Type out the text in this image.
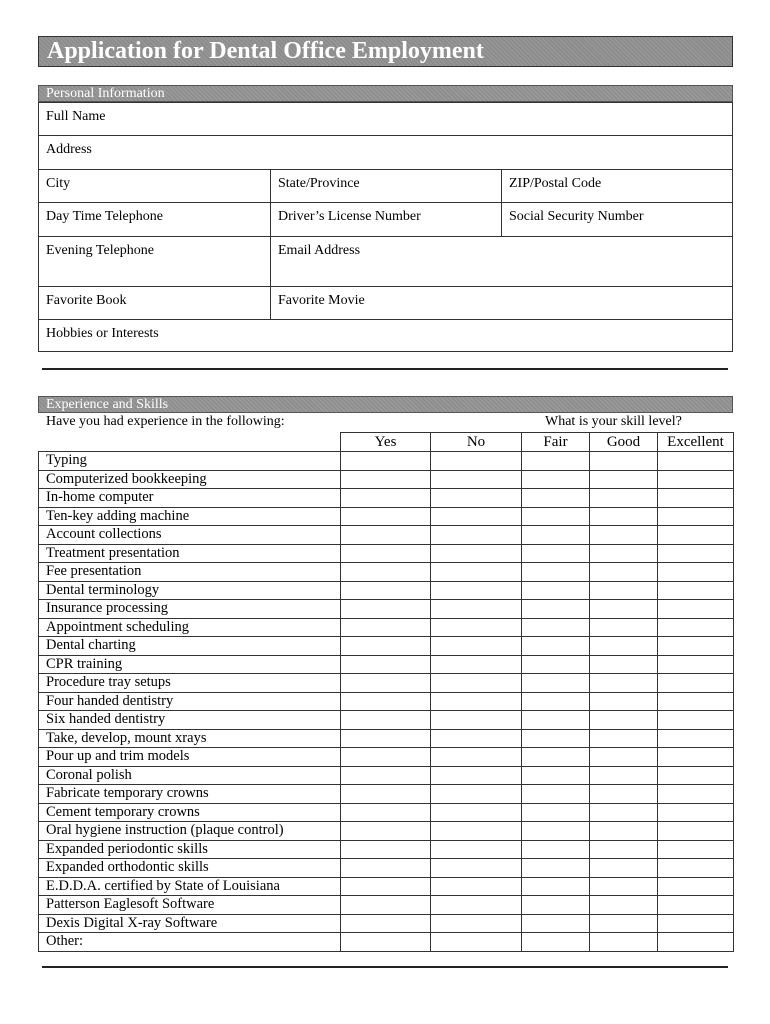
Application for Dental Office Employment
Personal Information
Full Name
Address
City	State/Province	ZIP/Postal Code
Day Time Telephone	Driver’s License Number	Social Security Number
Evening Telephone	Email Address
Favorite Book	Favorite Movie
Hobbies or Interests
Experience and Skills
Have you had experience in the following:	What is your skill level?
	Yes	No	Fair	Good	Excellent
Typing					
Computerized bookkeeping					
In-home computer					
Ten-key adding machine					
Account collections					
Treatment presentation					
Fee presentation					
Dental terminology					
Insurance processing					
Appointment scheduling					
Dental charting					
CPR training					
Procedure tray setups					
Four handed dentistry					
Six handed dentistry					
Take, develop, mount xrays					
Pour up and trim models					
Coronal polish					
Fabricate temporary crowns					
Cement temporary crowns					
Oral hygiene instruction (plaque control)					
Expanded periodontic skills					
Expanded orthodontic skills					
E.D.D.A. certified by State of Louisiana					
Patterson Eaglesoft Software					
Dexis Digital X-ray Software					
Other:					
